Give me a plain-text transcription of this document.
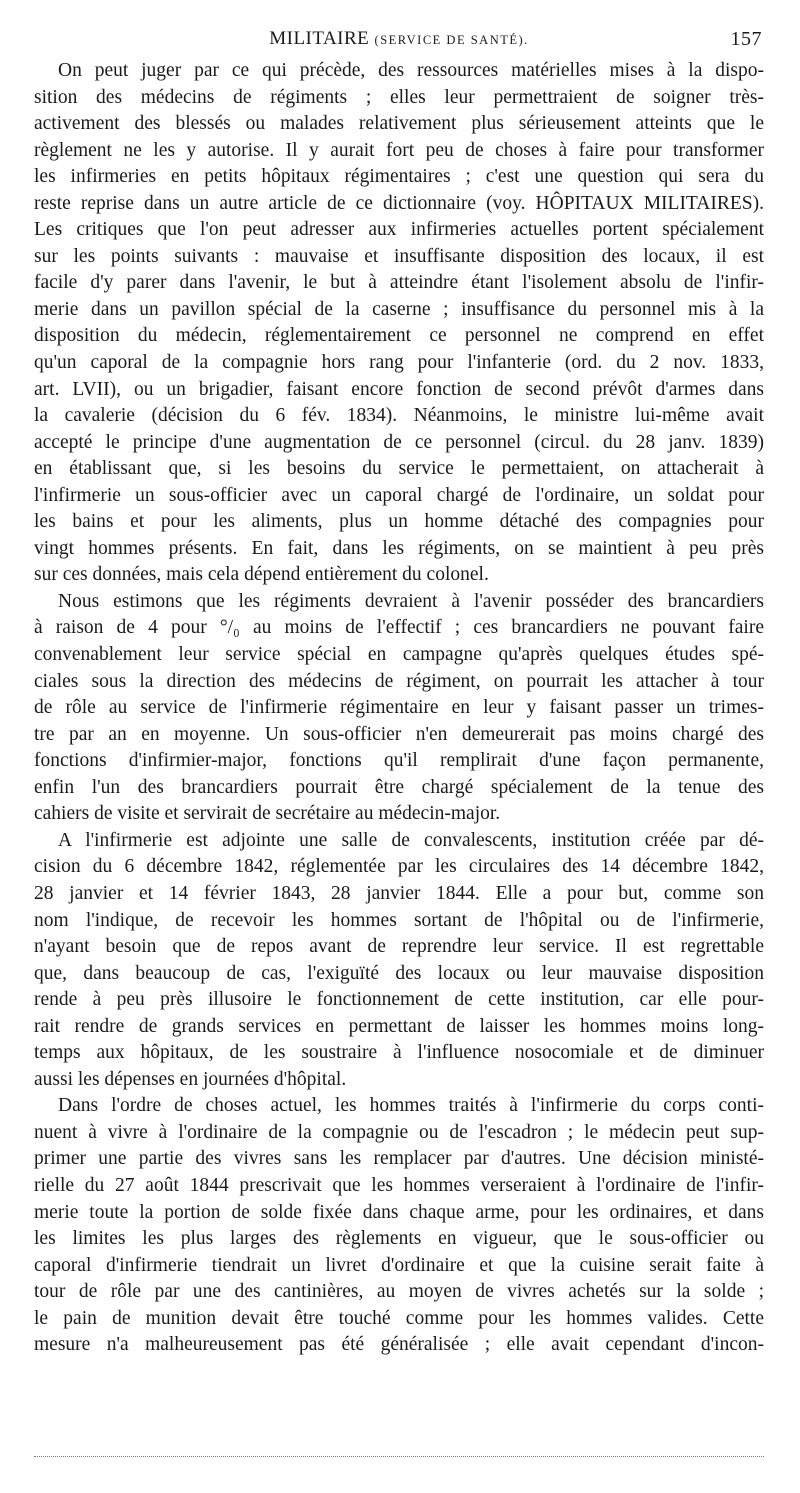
MILITAIRE (SERVICE DE SANTÉ).	157
On peut juger par ce qui précède, des ressources matérielles mises à la dispo-
sition des médecins de régiments ; elles leur permettraient de soigner très-
activement des blessés ou malades relativement plus sérieusement atteints que le
règlement ne les y autorise. Il y aurait fort peu de choses à faire pour transformer
les infirmeries en petits hôpitaux régimentaires ; c'est une question qui sera du
reste reprise dans un autre article de ce dictionnaire (voy. HÔPITAUX MILITAIRES).
Les critiques que l'on peut adresser aux infirmeries actuelles portent spécialement
sur les points suivants : mauvaise et insuffisante disposition des locaux, il est
facile d'y parer dans l'avenir, le but à atteindre étant l'isolement absolu de l'infir-
merie dans un pavillon spécial de la caserne ; insuffisance du personnel mis à la
disposition du médecin, réglementairement ce personnel ne comprend en effet
qu'un caporal de la compagnie hors rang pour l'infanterie (ord. du 2 nov. 1833,
art. LVII), ou un brigadier, faisant encore fonction de second prévôt d'armes dans
la cavalerie (décision du 6 fév. 1834). Néanmoins, le ministre lui-même avait
accepté le principe d'une augmentation de ce personnel (circul. du 28 janv. 1839)
en établissant que, si les besoins du service le permettaient, on attacherait à
l'infirmerie un sous-officier avec un caporal chargé de l'ordinaire, un soldat pour
les bains et pour les aliments, plus un homme détaché des compagnies pour
vingt hommes présents. En fait, dans les régiments, on se maintient à peu près
sur ces données, mais cela dépend entièrement du colonel.
Nous estimons que les régiments devraient à l'avenir posséder des brancardiers
à raison de 4 pour °/₀ au moins de l'effectif ; ces brancardiers ne pouvant faire
convenablement leur service spécial en campagne qu'après quelques études spé-
ciales sous la direction des médecins de régiment, on pourrait les attacher à tour
de rôle au service de l'infirmerie régimentaire en leur y faisant passer un trimes-
tre par an en moyenne. Un sous-officier n'en demeurerait pas moins chargé des
fonctions d'infirmier-major, fonctions qu'il remplirait d'une façon permanente,
enfin l'un des brancardiers pourrait être chargé spécialement de la tenue des
cahiers de visite et servirait de secrétaire au médecin-major.
A l'infirmerie est adjointe une salle de convalescents, institution créée par dé-
cision du 6 décembre 1842, réglementée par les circulaires des 14 décembre 1842,
28 janvier et 14 février 1843, 28 janvier 1844. Elle a pour but, comme son
nom l'indique, de recevoir les hommes sortant de l'hôpital ou de l'infirmerie,
n'ayant besoin que de repos avant de reprendre leur service. Il est regrettable
que, dans beaucoup de cas, l'exiguïté des locaux ou leur mauvaise disposition
rende à peu près illusoire le fonctionnement de cette institution, car elle pour-
rait rendre de grands services en permettant de laisser les hommes moins long-
temps aux hôpitaux, de les soustraire à l'influence nosocomiale et de diminuer
aussi les dépenses en journées d'hôpital.
Dans l'ordre de choses actuel, les hommes traités à l'infirmerie du corps conti-
nuent à vivre à l'ordinaire de la compagnie ou de l'escadron ; le médecin peut sup-
primer une partie des vivres sans les remplacer par d'autres. Une décision ministé-
rielle du 27 août 1844 prescrivait que les hommes verseraient à l'ordinaire de l'infir-
merie toute la portion de solde fixée dans chaque arme, pour les ordinaires, et dans
les limites les plus larges des règlements en vigueur, que le sous-officier ou
caporal d'infirmerie tiendrait un livret d'ordinaire et que la cuisine serait faite à
tour de rôle par une des cantinières, au moyen de vivres achetés sur la solde ;
le pain de munition devait être touché comme pour les hommes valides. Cette
mesure n'a malheureusement pas été généralisée ; elle avait cependant d'incon-
